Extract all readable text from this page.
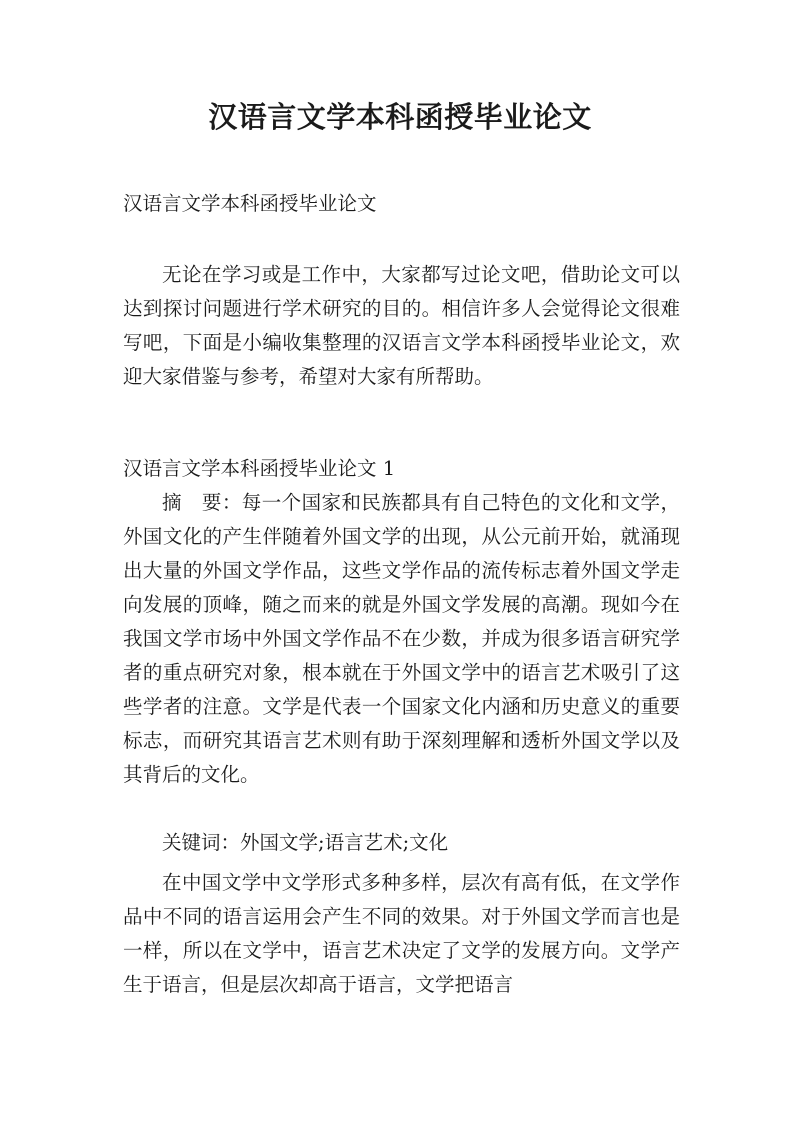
汉语言文学本科函授毕业论文

汉语言文学本科函授毕业论文

无论在学习或是工作中，大家都写过论文吧，借助论文可以达到探讨问题进行学术研究的目的。相信许多人会觉得论文很难写吧，下面是小编收集整理的汉语言文学本科函授毕业论文，欢迎大家借鉴与参考，希望对大家有所帮助。

汉语言文学本科函授毕业论文 1

摘　要：每一个国家和民族都具有自己特色的文化和文学，外国文化的产生伴随着外国文学的出现，从公元前开始，就涌现出大量的外国文学作品，这些文学作品的流传标志着外国文学走向发展的顶峰，随之而来的就是外国文学发展的高潮。现如今在我国文学市场中外国文学作品不在少数，并成为很多语言研究学者的重点研究对象，根本就在于外国文学中的语言艺术吸引了这些学者的注意。文学是代表一个国家文化内涵和历史意义的重要标志，而研究其语言艺术则有助于深刻理解和透析外国文学以及其背后的文化。

关键词：外国文学;语言艺术;文化

在中国文学中文学形式多种多样，层次有高有低，在文学作品中不同的语言运用会产生不同的效果。对于外国文学而言也是一样，所以在文学中，语言艺术决定了文学的发展方向。文学产生于语言，但是层次却高于语言，文学把语言
